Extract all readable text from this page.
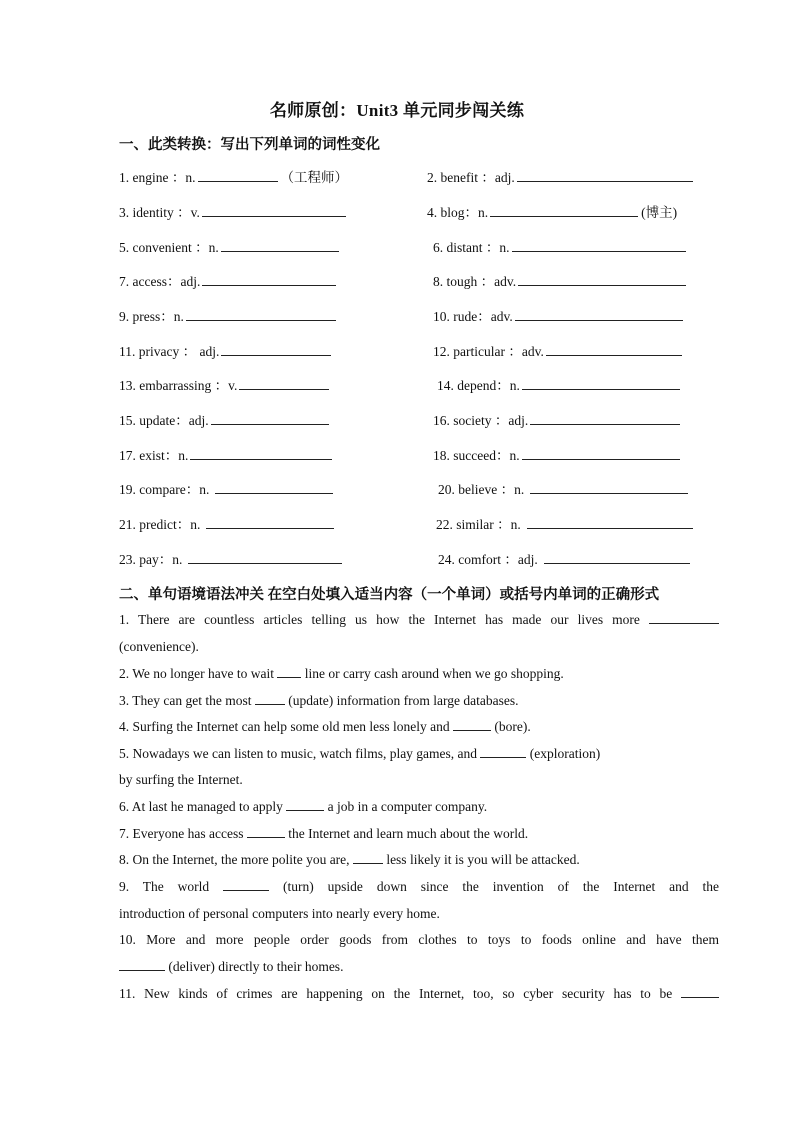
名师原创：Unit3 单元同步闯关练
一、此类转换：写出下列单词的词性变化
1. engine ：n.	（工程师）	2. benefit ：adj.
3. identity ：v.	4. blog：n.	(博主)
5. convenient ：n.	6. distant ：n.
7. access：adj.	8. tough ：adv.
9. press：n.	10. rude：adv.
11. privacy ： adj.	12. particular ：adv.
13. embarrassing ：v.	14. depend：n.
15. update：adj.	16. society ：adj.
17. exist：n.	18. succeed：n.
19. compare：n.	20. believe ：n.
21. predict：n.	22. similar ：n.
23. pay：n.	24. comfort ：adj.
二、单句语境语法冲关 在空白处填入适当内容（一个单词）或括号内单词的正确形式
1. There are countless articles telling us how the Internet has made our lives more
(convenience).
2. We no longer have to wait line or carry cash around when we go shopping.
3. They can get the most	(update) information from large databases.
4. Surfing the Internet can help some old men less lonely and	(bore).
5. Nowadays we can listen to music, watch films, play games, and	(exploration)
by surfing the Internet.
6. At last he managed to apply	a job in a computer company.
7. Everyone has access	the Internet and learn much about the world.
8. On the Internet, the more polite you are,	less likely it is you will be attacked.
9. The world	(turn) upside down since the invention of the Internet and the
introduction of personal computers into nearly every home.
10. More and more people order goods from clothes to toys to foods online and have them
(deliver) directly to their homes.
11. New kinds of crimes are happening on the Internet, too, so cyber security has to be
